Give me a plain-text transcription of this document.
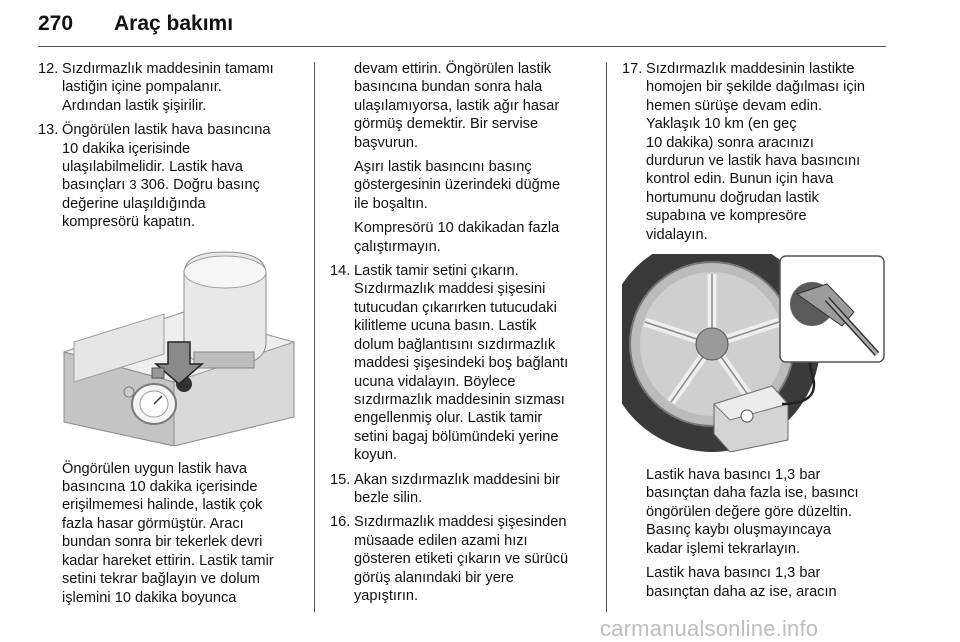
270 Araç bakımı
12. Sızdırmazlık maddesinin tamamı

lastiğin içine pompalanır.

Ardından lastik şişirilir.

13. Öngörülen lastik hava basıncına

10 dakika içerisinde

ulaşılabilmelidir. Lastik hava

basınçları 3 306. Doğru basınç

değerine ulaşıldığında

kompresörü kapatın.

Öngörülen uygun lastik hava

basıncına 10 dakika içerisinde

erişilmemesi halinde, lastik çok

fazla hasar görmüştür. Aracı

bundan sonra bir tekerlek devri

kadar hareket ettirin. Lastik tamir

setini tekrar bağlayın ve dolum

işlemini 10 dakika boyunca

devam ettirin. Öngörülen lastik

basıncına bundan sonra hala

ulaşılamıyorsa, lastik ağır hasar

görmüş demektir. Bir servise

başvurun.

Aşırı lastik basıncını basınç

göstergesinin üzerindeki düğme

ile boşaltın.

Kompresörü 10 dakikadan fazla

çalıştırmayın.

14. Lastik tamir setini çıkarın.

Sızdırmazlık maddesi şişesini

tutucudan çıkarırken tutucudaki

kilitleme ucuna basın. Lastik

dolum bağlantısını sızdırmazlık

maddesi şişesindeki boş bağlantı

ucuna vidalayın. Böylece

sızdırmazlık maddesinin sızması

engellenmiş olur. Lastik tamir

setini bagaj bölümündeki yerine

koyun.

15. Akan sızdırmazlık maddesini bir

bezle silin.

16. Sızdırmazlık maddesi şişesinden

müsaade edilen azami hızı

gösteren etiketi çıkarın ve sürücü

görüş alanındaki bir yere

yapıştırın.

17. Sızdırmazlık maddesinin lastikte

homojen bir şekilde dağılması için

hemen sürüşe devam edin.

Yaklaşık 10 km (en geç

10 dakika) sonra aracınızı

durdurun ve lastik hava basıncını

kontrol edin. Bunun için hava

hortumunu doğrudan lastik

supabına ve kompresöre

vidalayın.

Lastik hava basıncı 1,3 bar

basınçtan daha fazla ise, basıncı

öngörülen değere göre düzeltin.

Basınç kaybı oluşmayıncaya

kadar işlemi tekrarlayın.

Lastik hava basıncı 1,3 bar

basınçtan daha az ise, aracın

carmanualsonline.info
